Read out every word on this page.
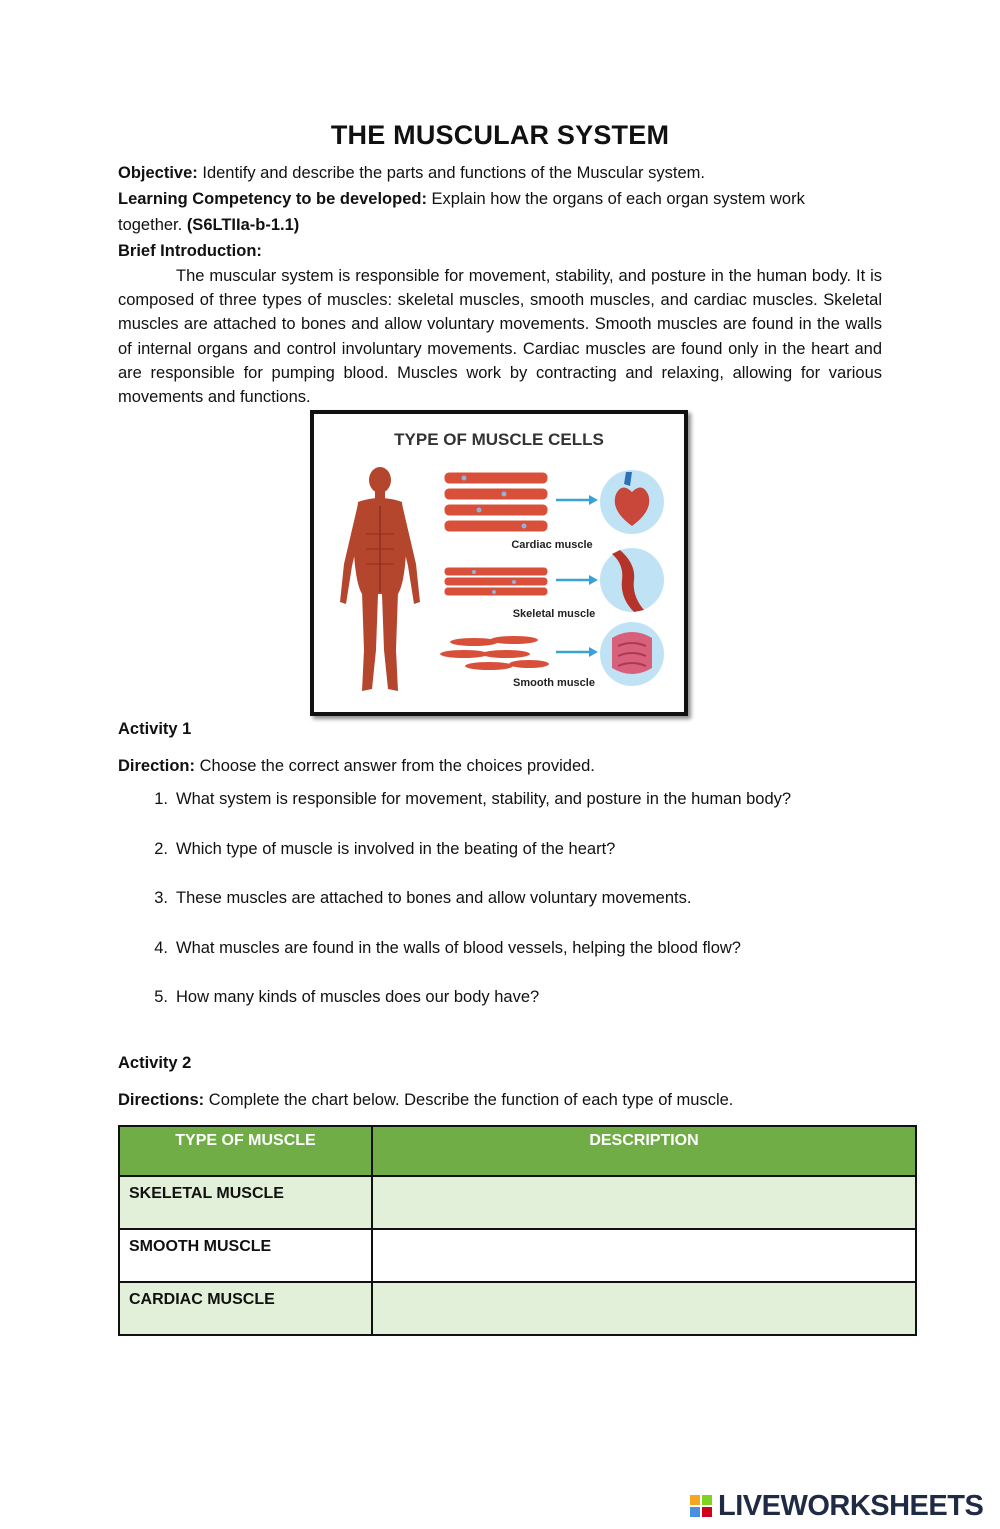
THE MUSCULAR SYSTEM
Objective: Identify and describe the parts and functions of the Muscular system.
Learning Competency to be developed: Explain how the organs of each organ system work
together. (S6LTIIa-b-1.1)
Brief Introduction:
The muscular system is responsible for movement, stability, and posture in the human body. It is composed of three types of muscles: skeletal muscles, smooth muscles, and cardiac muscles. Skeletal muscles are attached to bones and allow voluntary movements. Smooth muscles are found in the walls of internal organs and control involuntary movements. Cardiac muscles are found only in the heart and are responsible for pumping blood. Muscles work by contracting and relaxing, allowing for various movements and functions.
TYPE OF MUSCLE CELLS
Cardiac muscle
Skeletal muscle
Smooth muscle
Activity 1
Direction: Choose the correct answer from the choices provided.
1. What system is responsible for movement, stability, and posture in the human body?
2. Which type of muscle is involved in the beating of the heart?
3. These muscles are attached to bones and allow voluntary movements.
4. What muscles are found in the walls of blood vessels, helping the blood flow?
5. How many kinds of muscles does our body have?
Activity 2
Directions: Complete the chart below. Describe the function of each type of muscle.
TYPE OF MUSCLE	DESCRIPTION
SKELETAL MUSCLE	
SMOOTH MUSCLE	
CARDIAC MUSCLE	
LIVEWORKSHEETS
